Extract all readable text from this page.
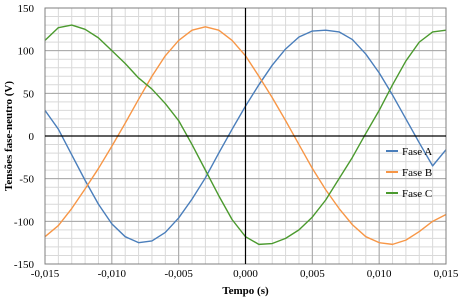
-0,015	-0,010	-0,005	0,000	0,005	0,010	0,015
-150
-100
-50
0
50
100
150
Tempo (s)
Tensões fase-neutro (V)	Fase A
Fase B
Fase C
